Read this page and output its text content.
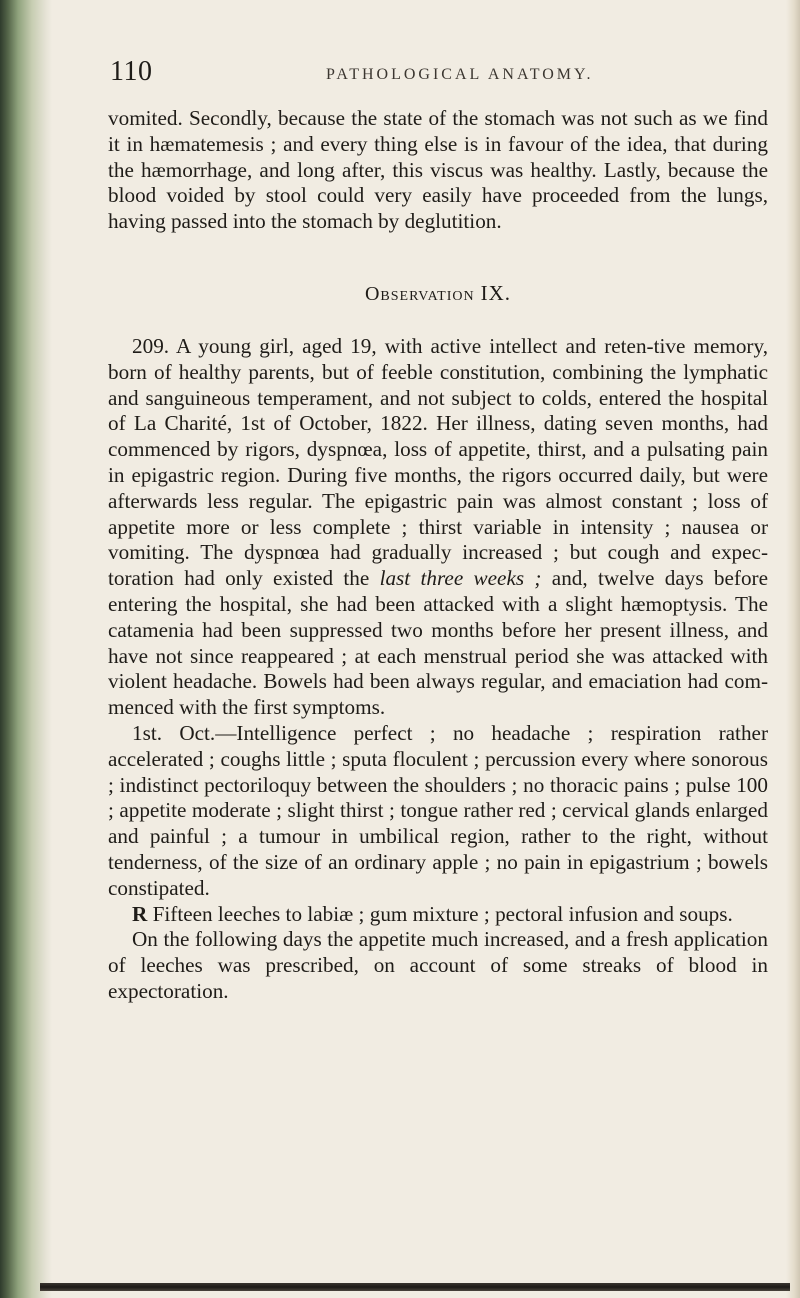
110	PATHOLOGICAL ANATOMY.

vomited. Secondly, because the state of the stomach was not such as we find it in hæmatemesis ; and every thing else is in favour of the idea, that during the hæmorrhage, and long after, this viscus was healthy. Lastly, because the blood voided by stool could very easily have proceeded from the lungs, having passed into the stomach by deglutition.

Observation IX.

209. A young girl, aged 19, with active intellect and reten-tive memory, born of healthy parents, but of feeble constitution, combining the lymphatic and sanguineous temperament, and not subject to colds, entered the hospital of La Charité, 1st of October, 1822. Her illness, dating seven months, had commenced by rigors, dyspnœa, loss of appetite, thirst, and a pulsating pain in epigastric region. During five months, the rigors occurred daily, but were afterwards less regular. The epigastric pain was almost constant ; loss of appetite more or less complete ; thirst variable in intensity ; nausea or vomiting. The dyspnœa had gradually increased ; but cough and expec-toration had only existed the last three weeks ; and, twelve days before entering the hospital, she had been attacked with a slight hæmoptysis. The catamenia had been suppressed two months before her present illness, and have not since reappeared ; at each menstrual period she was attacked with violent headache. Bowels had been always regular, and emaciation had com-menced with the first symptoms.

1st. Oct.—Intelligence perfect ; no headache ; respiration rather accelerated ; coughs little ; sputa floculent ; percussion every where sonorous ; indistinct pectoriloquy between the shoulders ; no thoracic pains ; pulse 100 ; appetite moderate ; slight thirst ; tongue rather red ; cervical glands enlarged and painful ; a tumour in umbilical region, rather to the right, without tenderness, of the size of an ordinary apple ; no pain in epigastrium ; bowels constipated.

R Fifteen leeches to labiæ ; gum mixture ; pectoral infusion and soups.

On the following days the appetite much increased, and a fresh application of leeches was prescribed, on account of some streaks of blood in expectoration.
